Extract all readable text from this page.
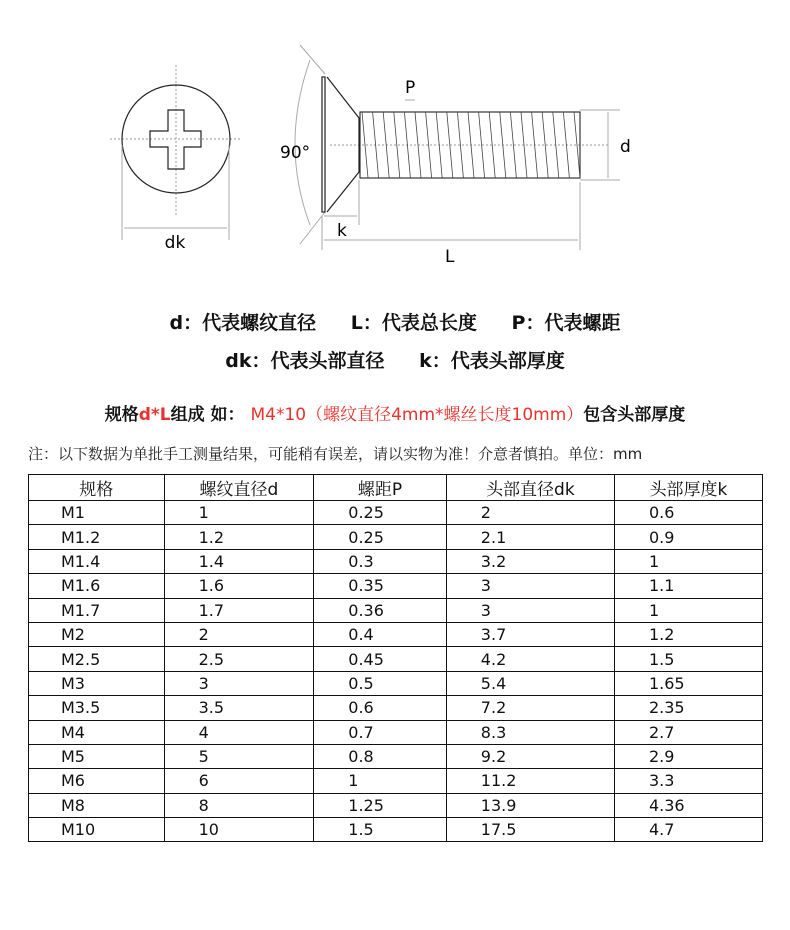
dk
90°
P
d
k
L
d：代表螺纹直径 L：代表总长度 P：代表螺距
dk：代表头部直径 k：代表头部厚度
规格d*L组成 如： M4*10（螺纹直径4mm*螺丝长度10mm）包含头部厚度
注：以下数据为单批手工测量结果，可能稍有误差，请以实物为准！介意者慎拍。单位：mm
规格	螺纹直径d	螺距P	头部直径dk	头部厚度k
M1	1	0.25	2	0.6
M1.2	1.2	0.25	2.1	0.9
M1.4	1.4	0.3	3.2	1
M1.6	1.6	0.35	3	1.1
M1.7	1.7	0.36	3	1
M2	2	0.4	3.7	1.2
M2.5	2.5	0.45	4.2	1.5
M3	3	0.5	5.4	1.65
M3.5	3.5	0.6	7.2	2.35
M4	4	0.7	8.3	2.7
M5	5	0.8	9.2	2.9
M6	6	1	11.2	3.3
M8	8	1.25	13.9	4.36
M10	10	1.5	17.5	4.7
